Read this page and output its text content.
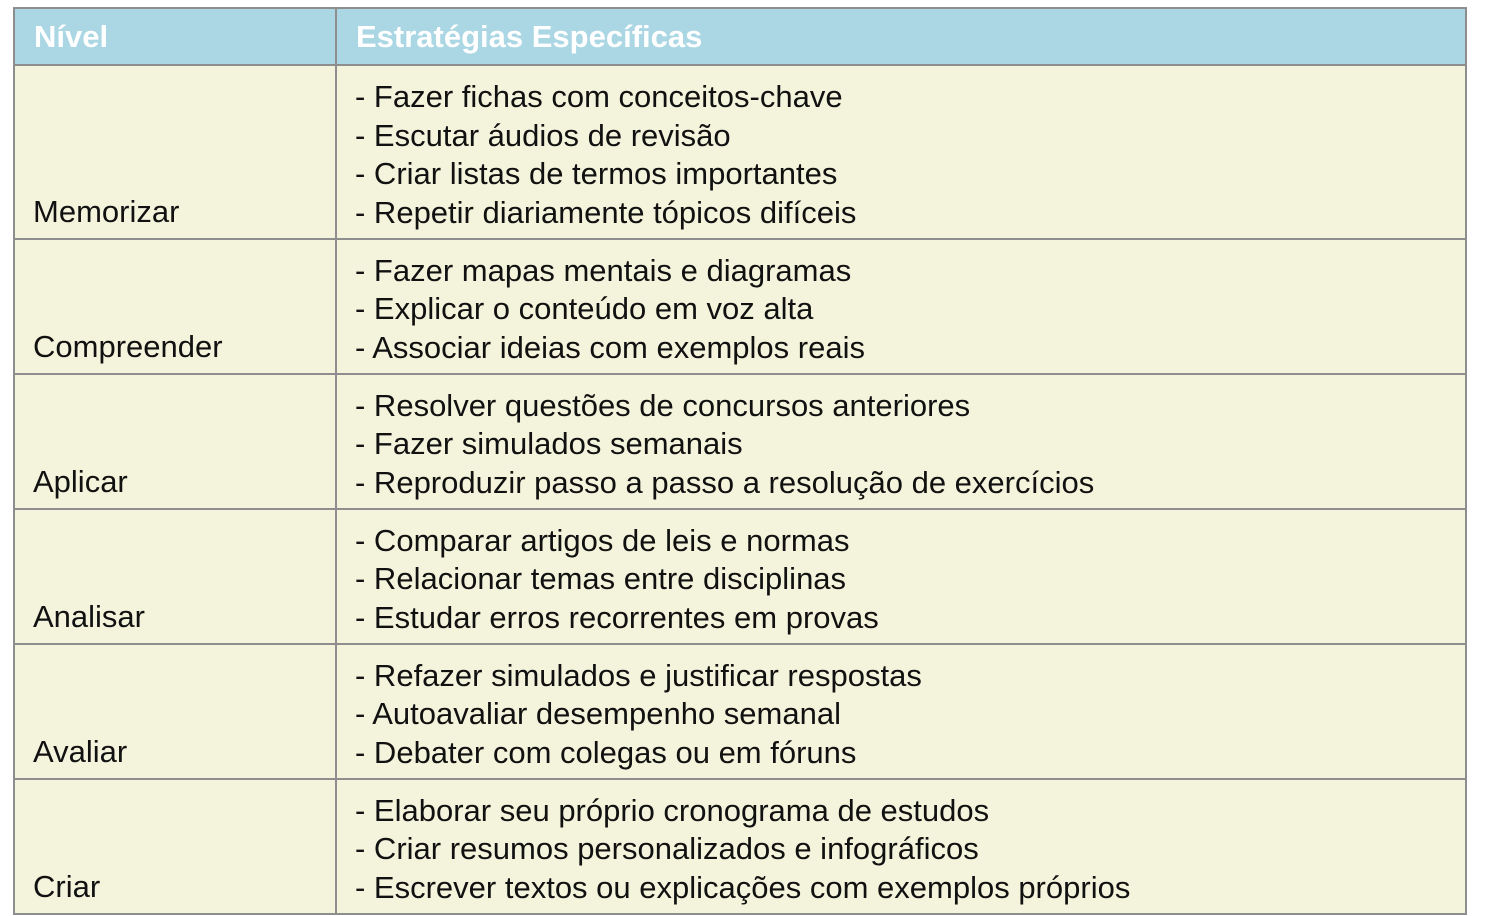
Nível	Estratégias Específicas
Memorizar	- Fazer fichas com conceitos-chave
- Escutar áudios de revisão
- Criar listas de termos importantes
- Repetir diariamente tópicos difíceis

Compreender	- Fazer mapas mentais e diagramas
- Explicar o conteúdo em voz alta
- Associar ideias com exemplos reais

Aplicar	- Resolver questões de concursos anteriores
- Fazer simulados semanais
- Reproduzir passo a passo a resolução de exercícios

Analisar	- Comparar artigos de leis e normas
- Relacionar temas entre disciplinas
- Estudar erros recorrentes em provas

Avaliar	- Refazer simulados e justificar respostas
- Autoavaliar desempenho semanal
- Debater com colegas ou em fóruns

Criar	- Elaborar seu próprio cronograma de estudos
- Criar resumos personalizados e infográficos
- Escrever textos ou explicações com exemplos próprios
